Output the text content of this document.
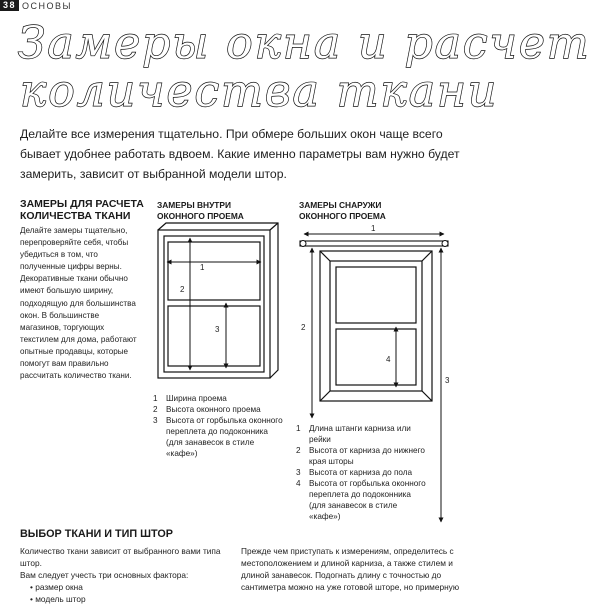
38 ОСНОВЫ
Замеры окна и расчет
количества ткани
Делайте все измерения тщательно. При обмере больших окон чаще всего бывает удобнее работать вдвоем. Какие именно параметры вам нужно будет замерить, зависит от выбранной модели штор.
ЗАМЕРЫ ДЛЯ РАСЧЕТА
КОЛИЧЕСТВА ТКАНИ
Делайте замеры тщательно, перепроверяйте себя, чтобы убедиться в том, что полученные цифры верны. Декоративные ткани обычно имеют большую ширину, подходящую для большинства окон. В большинстве магазинов, торгующих текстилем для дома, работают опытные продавцы, которые помогут вам правильно рассчитать количество ткани.
ЗАМЕРЫ ВНУТРИ
ОКОННОГО ПРОЕМА
ЗАМЕРЫ СНАРУЖИ
ОКОННОГО ПРОЕМА
1
2
3
1
2
3
4
1	Ширина проема
2	Высота оконного проема
3	Высота от горбылька оконного переплета до подоконника (для занавесок в стиле «кафе»)
1	Длина штанги карниза или рейки
2	Высота от карниза до нижнего края шторы
3	Высота от карниза до пола
4	Высота от горбылька оконного переплета до подоконника (для занавесок в стиле «кафе»)
ВЫБОР ТКАНИ И ТИП ШТОР
Количество ткани зависит от выбранного вами типа штор.
Вам следует учесть три основных фактора:
• размер окна
• модель штор
Прежде чем приступать к измерениям, определитесь с местоположением и длиной карниза, а также стилем и длиной занавесок. Подогнать длину с точностью до сантиметра можно на уже готовой шторе, но примерную
